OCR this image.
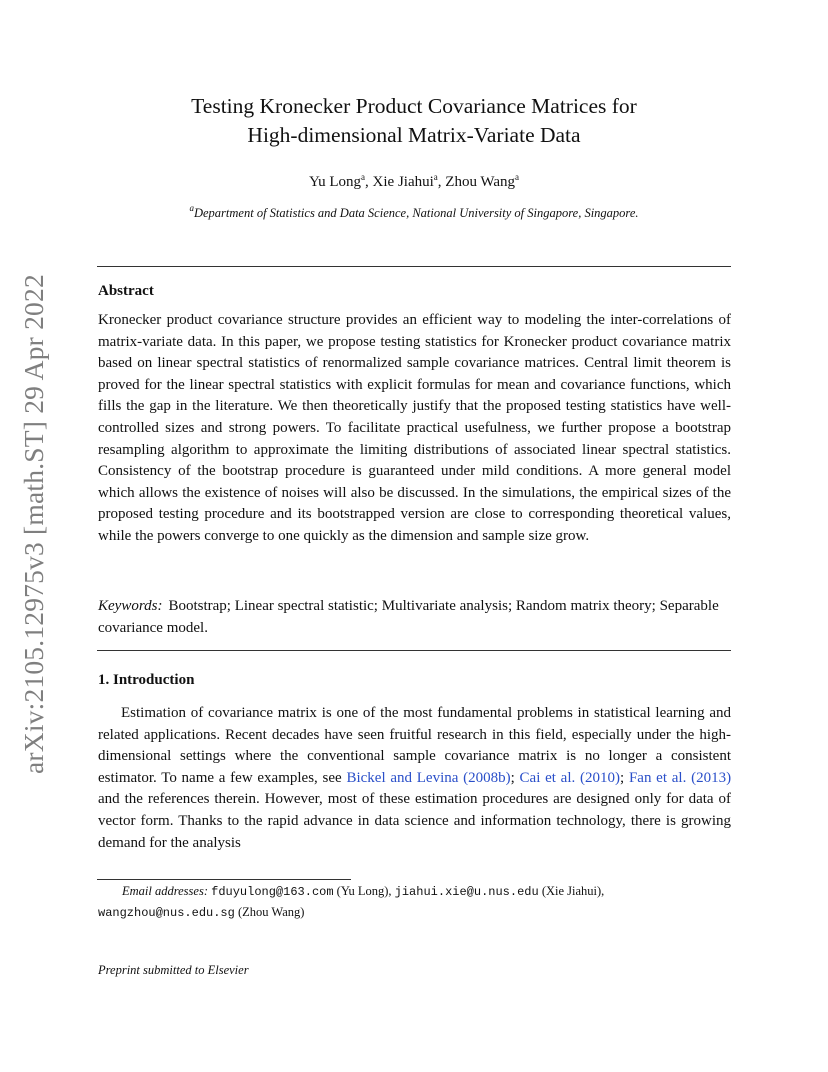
arXiv:2105.12975v3 [math.ST] 29 Apr 2022
Testing Kronecker Product Covariance Matrices for
High-dimensional Matrix-Variate Data
Yu Long$^a$, Xie Jiahui$^a$, Zhou Wang$^a$
$^a$Department of Statistics and Data Science, National University of Singapore, Singapore.
Abstract
Kronecker product covariance structure provides an efficient way to modeling the inter-correlations of matrix-variate data. In this paper, we propose testing statistics for Kronecker product covariance matrix based on linear spectral statistics of renormalized sample covariance matrices. Central limit theorem is proved for the linear spectral statistics with explicit formulas for mean and covariance functions, which fills the gap in the literature. We then theoretically justify that the proposed testing statistics have well-controlled sizes and strong powers. To facilitate practical usefulness, we further propose a bootstrap resampling algorithm to approximate the limiting distributions of associated linear spectral statistics. Consistency of the bootstrap procedure is guaranteed under mild conditions. A more general model which allows the existence of noises will also be discussed. In the simulations, the empirical sizes of the proposed testing procedure and its bootstrapped version are close to corresponding theoretical values, while the powers converge to one quickly as the dimension and sample size grow.
Keywords: Bootstrap; Linear spectral statistic; Multivariate analysis; Random matrix theory; Separable covariance model.
1. Introduction
Estimation of covariance matrix is one of the most fundamental problems in statistical learning and related applications. Recent decades have seen fruitful research in this field, especially under the high-dimensional settings where the conventional sample covariance matrix is no longer a consistent estimator. To name a few examples, see Bickel and Levina (2008b); Cai et al. (2010); Fan et al. (2013) and the references therein. However, most of these estimation procedures are designed only for data of vector form. Thanks to the rapid advance in data science and information technology, there is growing demand for the analysis
Email addresses: fduyulong@163.com (Yu Long), jiahui.xie@u.nus.edu (Xie Jiahui), wangzhou@nus.edu.sg (Zhou Wang)
Preprint submitted to Elsevier
